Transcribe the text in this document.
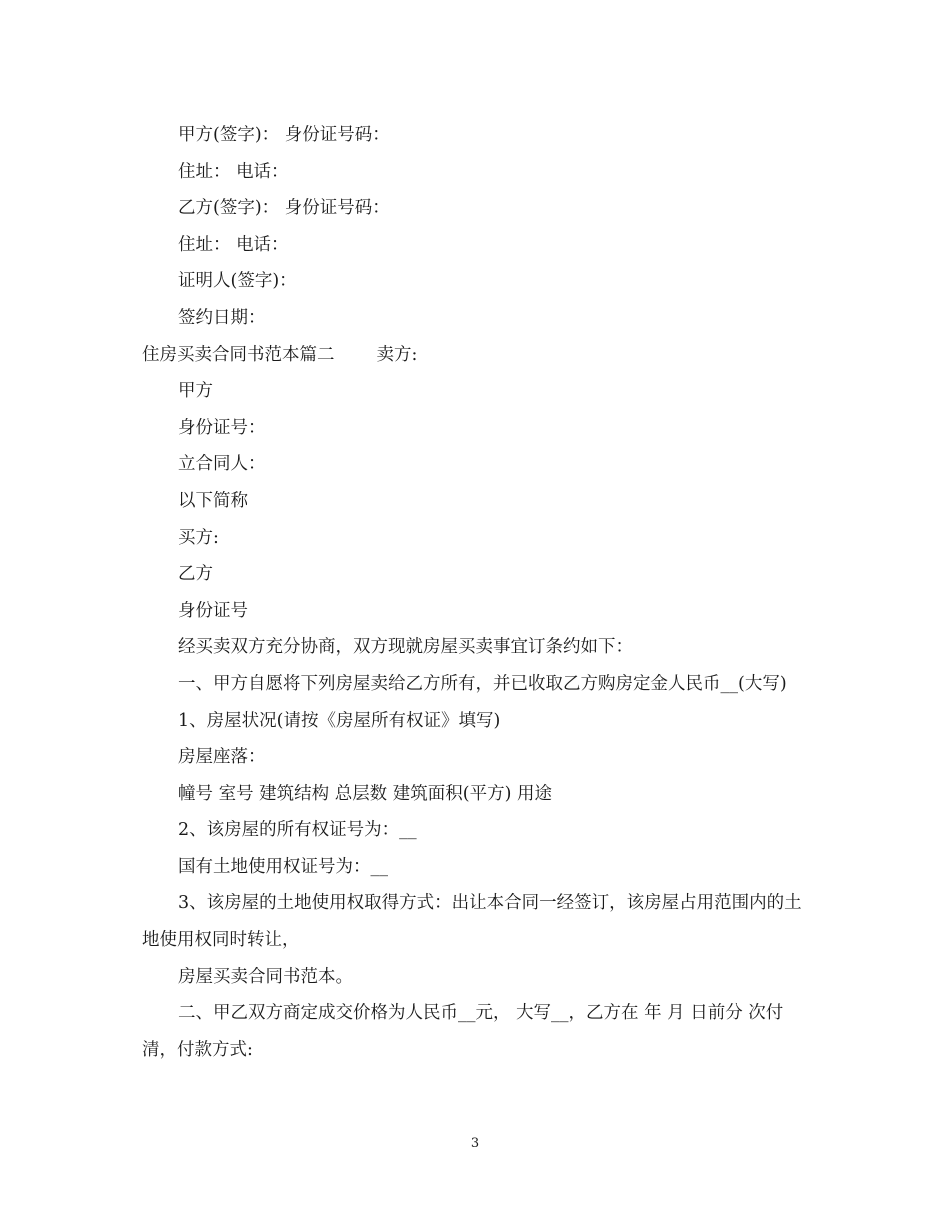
甲方(签字)： 身份证号码：
住址： 电话：
乙方(签字)： 身份证号码：
住址： 电话：
证明人(签字)：
签约日期：
住房买卖合同书范本篇二 卖方:
甲方
身份证号：
立合同人：
以下简称
买方:
乙方
身份证号
经买卖双方充分协商，双方现就房屋买卖事宜订条约如下：
一、甲方自愿将下列房屋卖给乙方所有，并已收取乙方购房定金人民币__(大写)
1、房屋状况(请按《房屋所有权证》填写)
房屋座落：
幢号 室号 建筑结构 总层数 建筑面积(平方) 用途
2、该房屋的所有权证号为：__
国有土地使用权证号为：__
3、该房屋的土地使用权取得方式：出让本合同一经签订，该房屋占用范围内的土地使用权同时转让，
房屋买卖合同书范本。
二、甲乙双方商定成交价格为人民币__元， 大写__，乙方在 年 月 日前分 次付清，付款方式:
3
